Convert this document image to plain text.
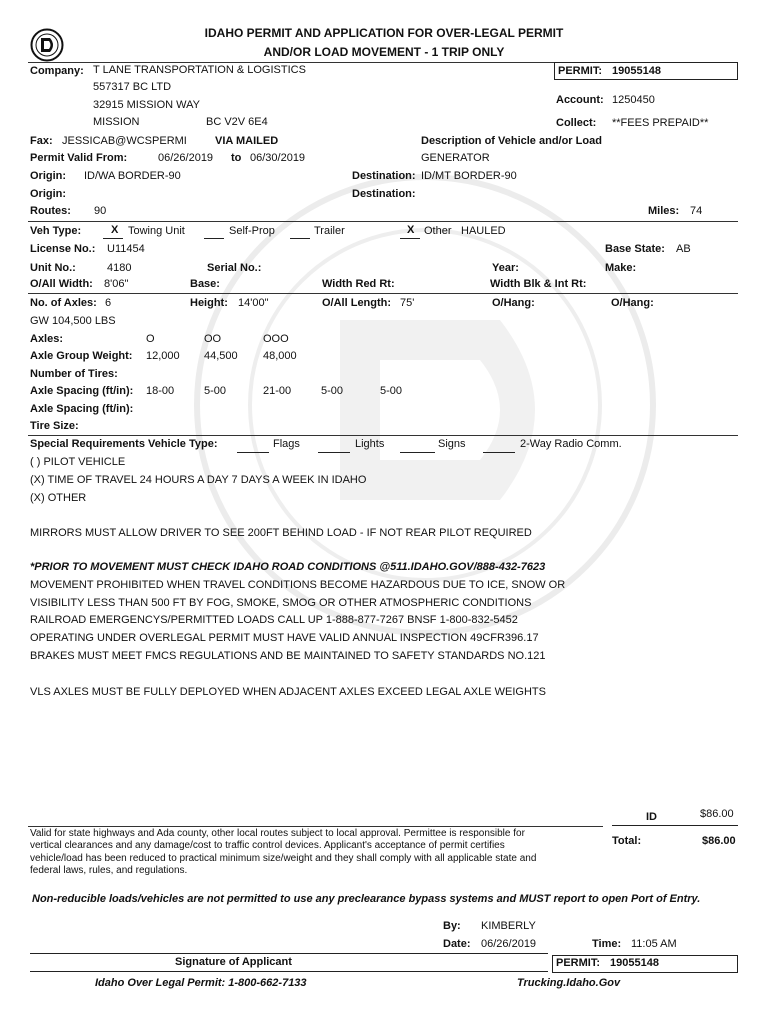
IDAHO PERMIT AND APPLICATION FOR OVER-LEGAL PERMIT
AND/OR LOAD MOVEMENT - 1 TRIP ONLY
Company: T LANE TRANSPORTATION & LOGISTICS
557317 BC LTD
32915 MISSION WAY
MISSION	BC V2V 6E4
PERMIT: 19055148
Account: 1250450
Collect: **FEES PREPAID**
Fax: JESSICAB@WCSPERMI	VIA MAILED	Description of Vehicle and/or Load
GENERATOR
Permit Valid From:	06/26/2019 to 06/30/2019
Origin: ID/WA BORDER-90	Destination: ID/MT BORDER-90
Origin:	Destination:
Routes: 90	Miles: 74
Veh Type:	X Towing Unit	Self-Prop	Trailer	X Other HAULED
License No.: U11454	Base State: AB
Unit No.:	4180	Serial No.:	Year:	Make:
O/All Width: 8'06"	Base:	Width Red Rt:	Width Blk & Int Rt:
No. of Axles: 6	Height: 14'00"	O/All Length: 75'	O/Hang:	O/Hang:
GW 104,500 LBS
Axles:	O	OO	OOO
Axle Group Weight: 12,000 44,500 48,000
Number of Tires:
Axle Spacing (ft/in): 18-00	5-00	21-00	5-00	5-00
Axle Spacing (ft/in):
Tire Size:
Special Requirements Vehicle Type:	Flags	Lights	Signs	2-Way Radio Comm.
( ) PILOT VEHICLE
(X) TIME OF TRAVEL 24 HOURS A DAY 7 DAYS A WEEK IN IDAHO
(X) OTHER
MIRRORS MUST ALLOW DRIVER TO SEE 200FT BEHIND LOAD - IF NOT REAR PILOT REQUIRED
*PRIOR TO MOVEMENT MUST CHECK IDAHO ROAD CONDITIONS @511.IDAHO.GOV/888-432-7623
MOVEMENT PROHIBITED WHEN TRAVEL CONDITIONS BECOME HAZARDOUS DUE TO ICE, SNOW OR
VISIBILITY LESS THAN 500 FT BY FOG, SMOKE, SMOG OR OTHER ATMOSPHERIC CONDITIONS
RAILROAD EMERGENCYS/PERMITTED LOADS CALL UP 1-888-877-7267 BNSF 1-800-832-5452
OPERATING UNDER OVERLEGAL PERMIT MUST HAVE VALID ANNUAL INSPECTION 49CFR396.17
BRAKES MUST MEET FMCS REGULATIONS AND BE MAINTAINED TO SAFETY STANDARDS NO.121
VLS AXLES MUST BE FULLY DEPLOYED WHEN ADJACENT AXLES EXCEED LEGAL AXLE WEIGHTS
ID	$86.00
Total:	$86.00
Valid for state highways and Ada county, other local routes subject to local approval. Permittee is responsible for
vertical clearances and any damage/cost to traffic control devices. Applicant's acceptance of permit certifies
vehicle/load has been reduced to practical minimum size/weight and they shall comply with all applicable state and
federal laws, rules, and regulations.
Non-reducible loads/vehicles are not permitted to use any preclearance bypass systems and MUST report to open Port of Entry.
By: KIMBERLY
Date: 06/26/2019	Time: 11:05 AM
Signature of Applicant	PERMIT: 19055148
Idaho Over Legal Permit: 1-800-662-7133	Trucking.Idaho.Gov
